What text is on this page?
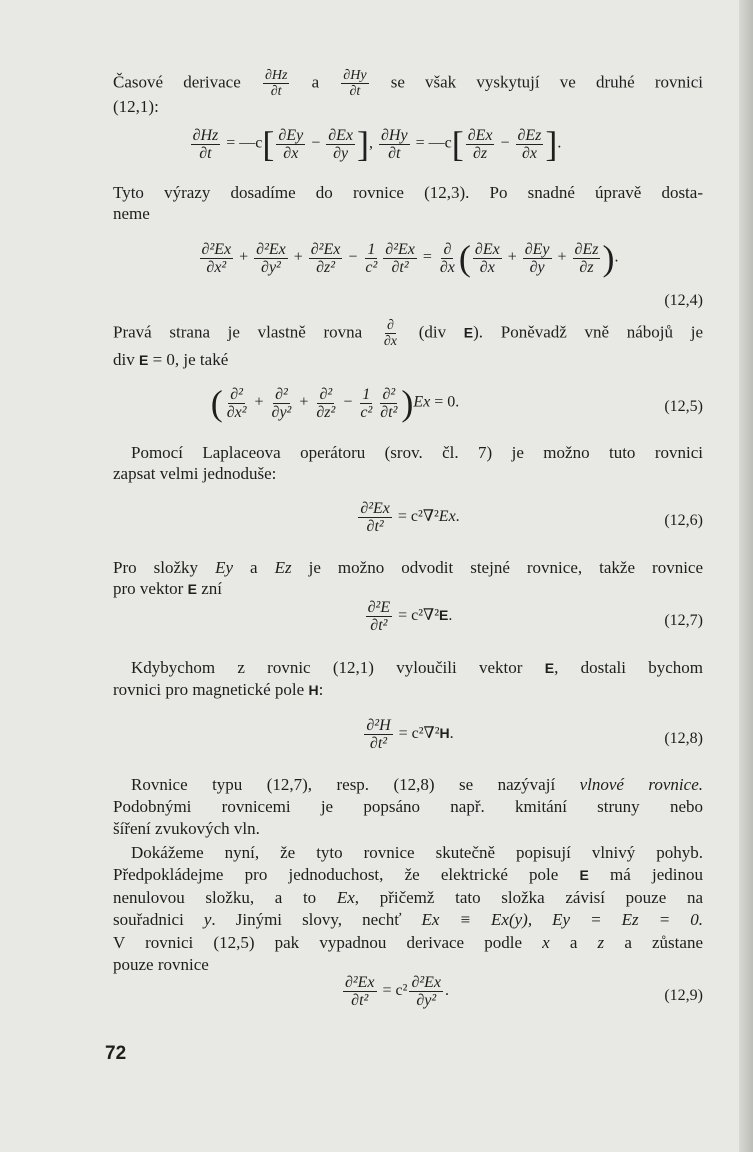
Časové derivace $\frac{\partial Hz}{\partial t}$ a $\frac{\partial Hy}{\partial t}$ se však vyskytují ve druhé rovnici
(12,1):
$\frac{\partial Hz}{\partial t}$ = —c[ $\frac{\partial Ey}{\partial x} - \frac{\partial Ex}{\partial y}$ ], $\frac{\partial Hy}{\partial t}$ = —c[ $\frac{\partial Ex}{\partial z} - \frac{\partial Ez}{\partial x}$ ].
Tyto výrazy dosadíme do rovnice (12,3). Po snadné úpravě dosta-
neme
$\frac{\text{∂²Ex}}{\text{∂x²}} + \frac{\text{∂²Ex}}{\text{∂y²}} + \frac{\text{∂²Ex}}{\text{∂z²}} - \frac{1}{\text{c²}} \frac{\text{∂²Ex}}{\text{∂t²}}$ = ∂
∂x ( $\frac{\partial Ex}{\partial x} + \frac{\partial Ey}{\partial y} + \frac{\partial Ez}{\partial z}$ ).
(12,4)
Pravá strana je vlastně rovna ∂
∂x
(div E). Poněvadž vně nábojů je
div E = 0, je také
( ∂²
∂x²
+ ∂²
∂y²
+ ∂²
∂z²
− $\frac{1}{\text{c²}} \partial^2$
∂t² )Ex = 0.	(12,5)
Pomocí Laplaceova operátoru (srov. čl. 7) je možno tuto rovnici
zapsat velmi jednoduše:
$\frac{\text{∂²Ex}}{\text{∂t²}} = c^2\nabla^2Ex$.	(12,6)
Pro složky Ey a Ez je možno odvodit stejné rovnice, takže rovnice
pro vektor E zní
$\frac{\text{∂²E}}{\text{∂t²}} = c^2\nabla^2E$.	(12,7)
Kdybychom z rovnic (12,1) vyloučili vektor E, dostali bychom
rovnici pro magnetické pole H:
$\frac{\text{∂²H}}{\text{∂t²}} = c^2\nabla^2H$.	(12,8)
Rovnice typu (12,7), resp. (12,8) se nazývají vlnové rovnice.
Podobnými rovnicemi je popsáno např. kmitání struny nebo
šíření zvukových vln.
Dokážeme nyní, že tyto rovnice skutečně popisují vlnivý pohyb.
Předpokládejme pro jednoduchost, že elektrické pole E má jedinou
nenulovou složku, a to Ex, přičemž tato složka závisí pouze na
souřadnici y. Jinými slovy, nechť Ex ≡ Ex(y), Ey = Ez = 0.
V rovnici (12,5) pak vypadnou derivace podle x a z a zůstane
pouze rovnice
$\frac{\text{∂²Ex}}{\text{∂t²}} = c^2 \frac{\text{∂²Ex}}{\text{∂y²}}$ .	(12,9)
72
